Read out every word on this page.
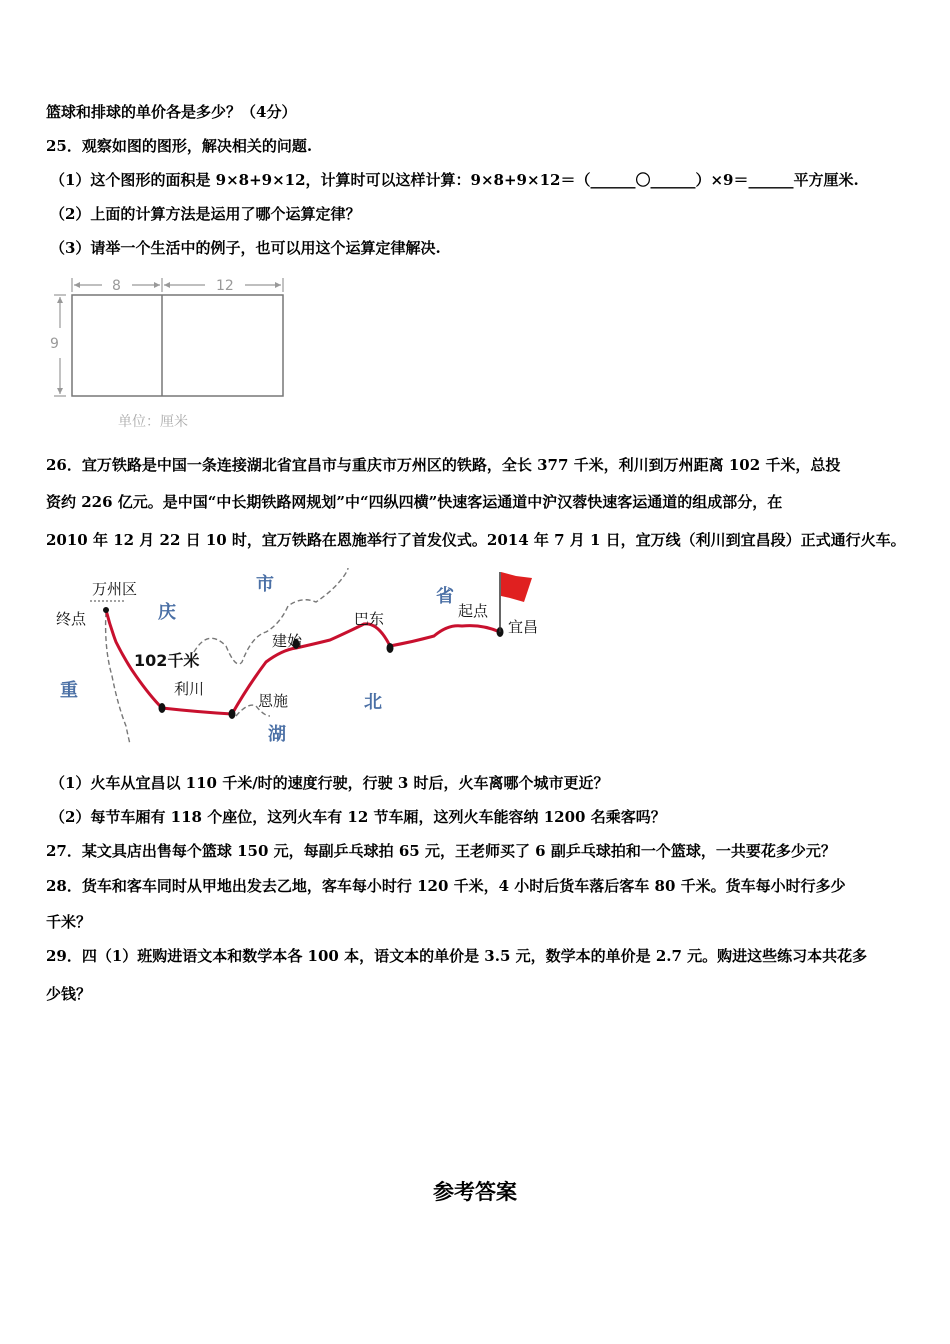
篮球和排球的单价各是多少？（4分）
25．观察如图的图形，解决相关的问题.
（1）这个图形的面积是 9×8+9×12，计算时可以这样计算：9×8+9×12＝（______〇______）×9＝______平方厘米.
（2）上面的计算方法是运用了哪个运算定律？
（3）请举一个生活中的例子，也可以用这个运算定律解决.
8	12
9
单位：厘米
26．宜万铁路是中国一条连接湖北省宜昌市与重庆市万州区的铁路，全长 377 千米，利川到万州距离 102 千米，总投
资约 226 亿元。是中国“中长期铁路网规划”中“四纵四横”快速客运通道中沪汉蓉快速客运通道的组成部分，在
2010 年 12 月 22 日 10 时，宜万铁路在恩施举行了首发仪式。2014 年 7 月 1 日，宜万线（利川到宜昌段）正式通行火车。
万州区
终点
102千米
利川
恩施
建始
巴东	起点
宜昌
庆
市
重
湖
北
省
（1）火车从宜昌以 110 千米/时的速度行驶，行驶 3 时后，火车离哪个城市更近？
（2）每节车厢有 118 个座位，这列火车有 12 节车厢，这列火车能容纳 1200 名乘客吗？
27．某文具店出售每个篮球 150 元，每副乒乓球拍 65 元，王老师买了 6 副乒乓球拍和一个篮球，一共要花多少元？
28．货车和客车同时从甲地出发去乙地，客车每小时行 120 千米，4 小时后货车落后客车 80 千米。货车每小时行多少
千米？
29．四（1）班购进语文本和数学本各 100 本，语文本的单价是 3.5 元，数学本的单价是 2.7 元。购进这些练习本共花多
少钱？
参考答案
